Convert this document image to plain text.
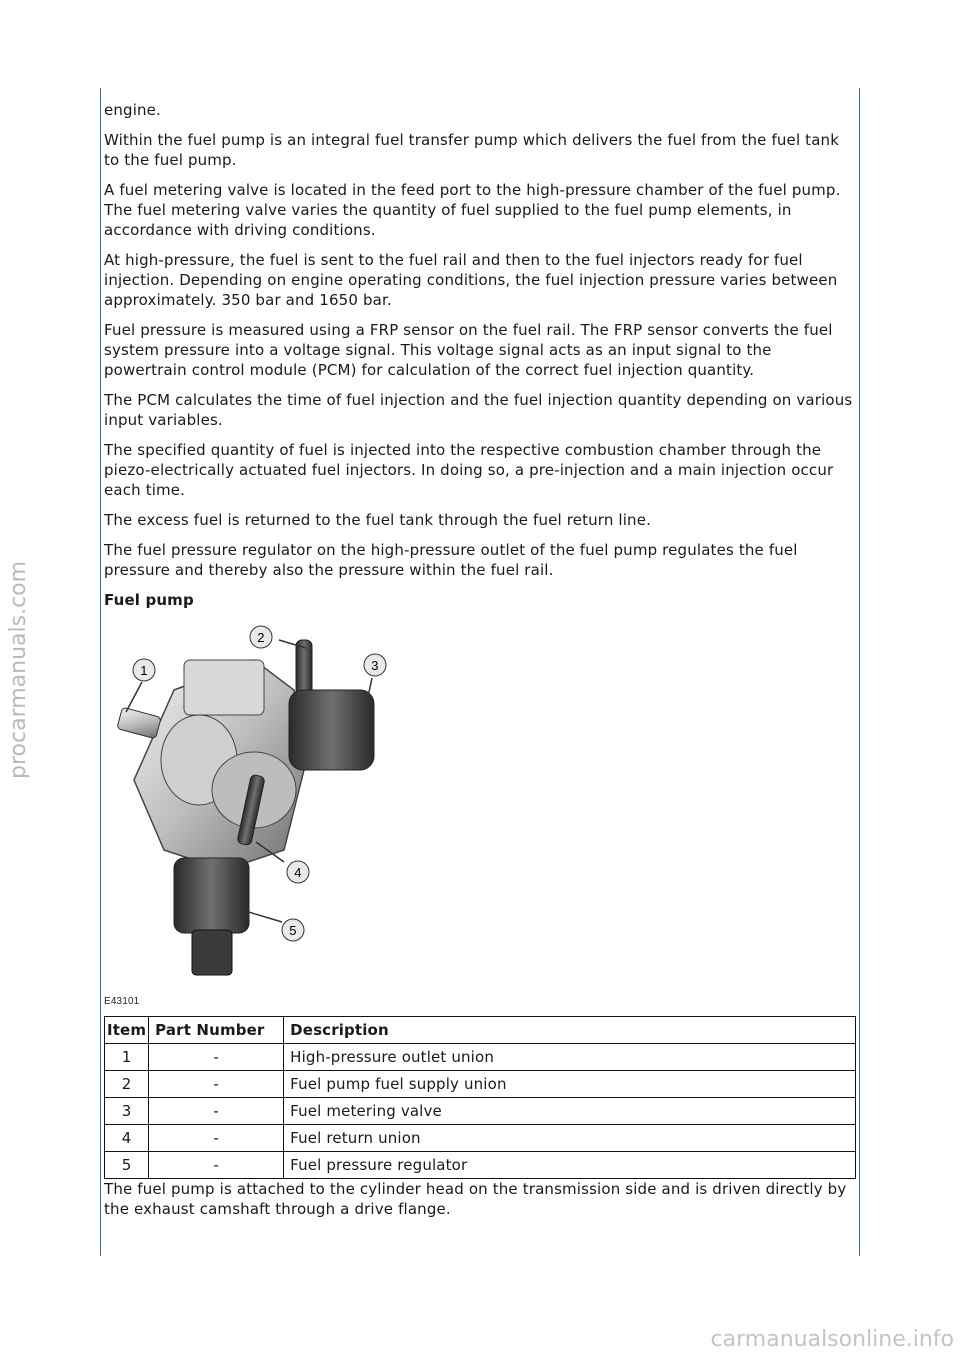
procarmanuals.com
carmanualsonline.info

engine.

Within the fuel pump is an integral fuel transfer pump which delivers the fuel from the fuel tank to the fuel pump.

A fuel metering valve is located in the feed port to the high-pressure chamber of the fuel pump. The fuel metering valve varies the quantity of fuel supplied to the fuel pump elements, in accordance with driving conditions.

At high-pressure, the fuel is sent to the fuel rail and then to the fuel injectors ready for fuel injection. Depending on engine operating conditions, the fuel injection pressure varies between approximately. 350 bar and 1650 bar.

Fuel pressure is measured using a FRP sensor on the fuel rail. The FRP sensor converts the fuel system pressure into a voltage signal. This voltage signal acts as an input signal to the powertrain control module (PCM) for calculation of the correct fuel injection quantity.

The PCM calculates the time of fuel injection and the fuel injection quantity depending on various input variables.

The specified quantity of fuel is injected into the respective combustion chamber through the piezo-electrically actuated fuel injectors. In doing so, a pre-injection and a main injection occur each time.

The excess fuel is returned to the fuel tank through the fuel return line.

The fuel pressure regulator on the high-pressure outlet of the fuel pump regulates the fuel pressure and thereby also the pressure within the fuel rail.

Fuel pump
1
2
3
4
5
E43101
Item	Part Number	Description
1	-	High-pressure outlet union
2	-	Fuel pump fuel supply union
3	-	Fuel metering valve
4	-	Fuel return union
5	-	Fuel pressure regulator

The fuel pump is attached to the cylinder head on the transmission side and is driven directly by the exhaust camshaft through a drive flange.
